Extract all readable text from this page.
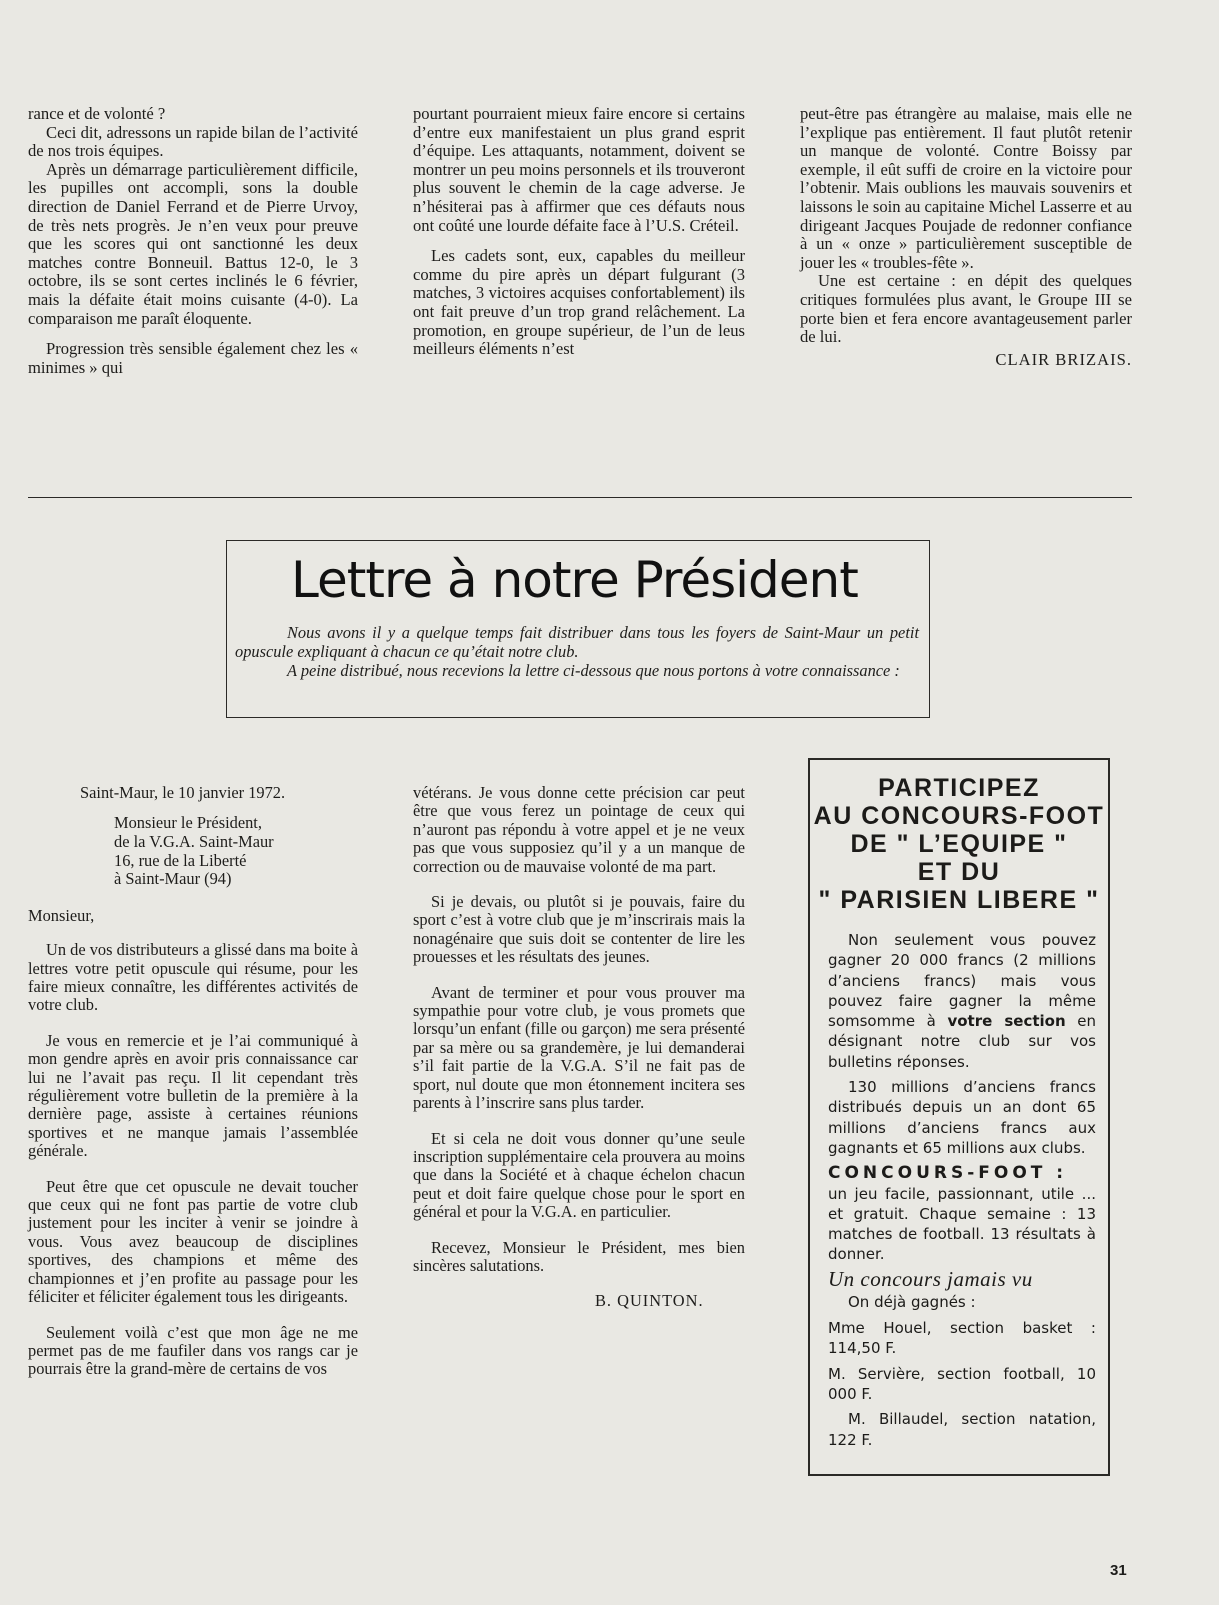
rance et de volonté ?

Ceci dit, adressons un rapide bilan de l’activité de nos trois équipes.

Après un démarrage particulièrement difficile, les pupilles ont accompli, sons la double direction de Daniel Ferrand et de Pierre Urvoy, de très nets progrès. Je n’en veux pour preuve que les scores qui ont sanctionné les deux matches contre Bonneuil. Battus 12-0, le 3 octobre, ils se sont certes inclinés le 6 février, mais la défaite était moins cuisante (4-0). La comparaison me paraît éloquente.

Progression très sensible également chez les « minimes » qui

pourtant pourraient mieux faire encore si certains d’entre eux manifestaient un plus grand esprit d’équipe. Les attaquants, notamment, doivent se montrer un peu moins personnels et ils trouveront plus souvent le chemin de la cage adverse. Je n’hésiterai pas à affirmer que ces défauts nous ont coûté une lourde défaite face à l’U.S. Créteil.

Les cadets sont, eux, capables du meilleur comme du pire après un départ fulgurant (3 matches, 3 victoires acquises confortablement) ils ont fait preuve d’un trop grand relâchement. La promotion, en groupe supérieur, de l’un de leus meilleurs éléments n’est

peut-être pas étrangère au malaise, mais elle ne l’explique pas entièrement. Il faut plutôt retenir un manque de volonté. Contre Boissy par exemple, il eût suffi de croire en la victoire pour l’obtenir. Mais oublions les mauvais souvenirs et laissons le soin au capitaine Michel Lasserre et au dirigeant Jacques Poujade de redonner confiance à un « onze » particulièrement susceptible de jouer les « troubles-fête ».

Une est certaine : en dépit des quelques critiques formulées plus avant, le Groupe III se porte bien et fera encore avantageusement parler de lui.

CLAIR BRIZAIS.
Lettre à notre Président

Nous avons il y a quelque temps fait distribuer dans tous les foyers de Saint-Maur un petit opuscule expliquant à chacun ce qu’était notre club.

A peine distribué, nous recevions la lettre ci-dessous que nous portons à votre connaissance :

Saint-Maur, le 10 janvier 1972.
Monsieur le Président,
de la V.G.A. Saint-Maur
16, rue de la Liberté
à Saint-Maur (94)
Monsieur,

Un de vos distributeurs a glissé dans ma boite à lettres votre petit opuscule qui résume, pour les faire mieux connaître, les différentes activités de votre club.

Je vous en remercie et je l’ai communiqué à mon gendre après en avoir pris connaissance car lui ne l’avait pas reçu. Il lit cependant très régulièrement votre bulletin de la première à la dernière page, assiste à certaines réunions sportives et ne manque jamais l’assemblée générale.

Peut être que cet opuscule ne devait toucher que ceux qui ne font pas partie de votre club justement pour les inciter à venir se joindre à vous. Vous avez beaucoup de disciplines sportives, des champions et même des championnes et j’en profite au passage pour les féliciter et féliciter également tous les dirigeants.

Seulement voilà c’est que mon âge ne me permet pas de me faufiler dans vos rangs car je pourrais être la grand-mère de certains de vos

vétérans. Je vous donne cette précision car peut être que vous ferez un pointage de ceux qui n’auront pas répondu à votre appel et je ne veux pas que vous supposiez qu’il y a un manque de correction ou de mauvaise volonté de ma part.

Si je devais, ou plutôt si je pouvais, faire du sport c’est à votre club que je m’inscrirais mais la nonagénaire que suis doit se contenter de lire les prouesses et les résultats des jeunes.

Avant de terminer et pour vous prouver ma sympathie pour votre club, je vous promets que lorsqu’un enfant (fille ou garçon) me sera présenté par sa mère ou sa grandemère, je lui demanderai s’il fait partie de la V.G.A. S’il ne fait pas de sport, nul doute que mon étonnement incitera ses parents à l’inscrire sans plus tarder.

Et si cela ne doit vous donner qu’une seule inscription supplémentaire cela prouvera au moins que dans la Société et à chaque échelon chacun peut et doit faire quelque chose pour le sport en général et pour la V.G.A. en particulier.

Recevez, Monsieur le Président, mes bien sincères salutations.

B. QUINTON.
PARTICIPEZ
AU CONCOURS-FOOT
DE " L’EQUIPE "
ET DU
" PARISIEN LIBERE "

Non seulement vous pouvez gagner 20 000 francs (2 millions d’anciens francs) mais vous pouvez faire gagner la même somsomme à votre section en désignant notre club sur vos bulletins réponses.

130 millions d’anciens francs distribués depuis un an dont 65 millions d’anciens francs aux gagnants et 65 millions aux clubs.

CONCOURS-FOOT :

un jeu facile, passionnant, utile ... et gratuit. Chaque semaine : 13 matches de football. 13 résultats à donner.

Un concours jamais vu
On déjà gagnés :

Mme Houel, section basket : 114,50 F.

M. Servière, section football, 10 000 F.

M. Billaudel, section natation, 122 F.

31
